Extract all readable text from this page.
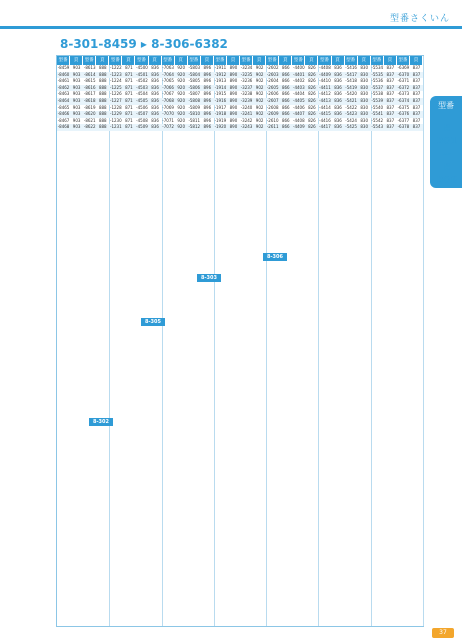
型番さくいん
8-301-8459 ▸ 8-306-6382
型番	頁	型番	頁
-8459 903 -8613 888
-8460 903 -8614 888
-8461 903 -8615 888
-8462 903 -8616 888
-8463 903 -8617 888
-8464 903 -8618 888
-8465 903 -8619 888
-8466 903 -8620 888
-8467 903 -8621 888
-8468 903 -8622 888
型番	頁	型番	頁
-1222 871 -4500 836
-1223 871 -4501 836
-1224 871 -4502 836
-1225 871 -4503 836
-1226 871 -4504 836
-1227 871 -4505 836
-1228 871 -4506 836
-1229 871 -4507 836
-1230 871 -4508 836
-1231 871 -4509 836
型番	頁	型番	頁
-7063 920 -5803 896
-7064 920 -5804 896
-7065 920 -5805 896
-7066 920 -5806 896
-7067 920 -5807 896
-7068 920 -5808 896
-7069 920 -5809 896
-7070 920 -5810 896
-7071 920 -5811 896
-7072 920 -5812 896
型番	頁	型番	頁
-1911 890 -3234 902
-1912 890 -3235 902
-1913 890 -3236 902
-1914 890 -3237 902
-1915 890 -3238 902
-1916 890 -3239 902
-1917 890 -3240 902
-1918 890 -3241 902
-1919 890 -3242 902
-1920 890 -3243 902
型番	頁	型番	頁
-2602 866 -4400 826
-2603 866 -4401 826
-2604 866 -4402 826
-2605 866 -4403 826
-2606 866 -4404 826
-2607 866 -4405 826
-2608 866 -4406 826
-2609 866 -4407 826
-2610 866 -4408 826
-2611 866 -4409 826
型番	頁	型番	頁
-4408 836 -5416 830
-4409 836 -5417 830
-4410 836 -5418 830
-4411 836 -5419 830
-4412 836 -5420 830
-4413 836 -5421 830
-4414 836 -5422 830
-4415 836 -5423 830
-4416 836 -5424 830
-4417 836 -5425 830
型番	頁	型番	頁
-5534 837 -6369 837
-5535 837 -6370 837
-5536 837 -6371 837
-5537 837 -6372 837
-5538 837 -6373 837
-5539 837 -6374 837
-5540 837 -6375 837
-5541 837 -6376 837
-5542 837 -6377 837
-5543 837 -6378 837
8-303
8-305
8-306
8-302
型番
8
301
~
8
306
37
